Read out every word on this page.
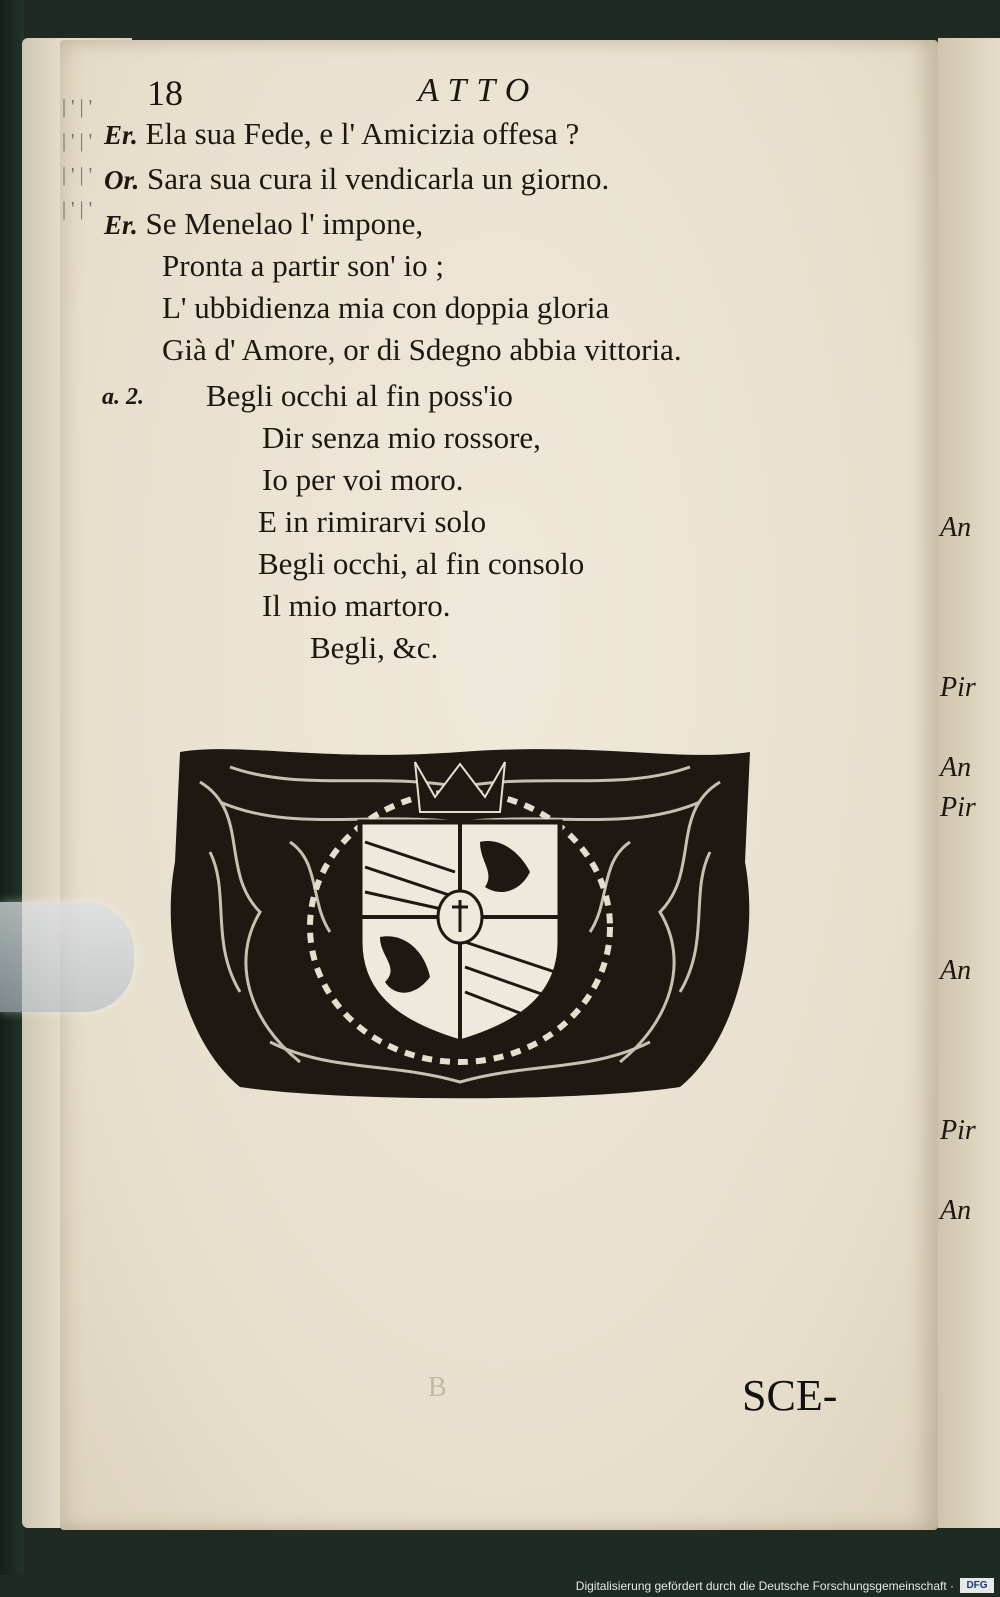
| ' | ' | ' | ' | ' | ' | ' | '
18	ATTO
Er. Ela sua Fede, e l' Amicizia offesa ?
Or. Sara sua cura il vendicarla un giorno.
Er. Se Menelao l' impone,
Pronta a partir son' io ;
L' ubbidienza mia con doppia gloria
Già d' Amore, or di Sdegno abbia vittoria.
a. 2. Begli occhi al fin poss'io
Dir senza mio rossore,
Io per voi moro.
E in rimirarvi solo
Begli occhi, al fin consolo
Il mio martoro.
Begli, &c.
B	SCE-
An
Pir
An
Pir
An
Pir
An
Digitalisierung gefördert durch die Deutsche Forschungsgemeinschaft ·	DFG
